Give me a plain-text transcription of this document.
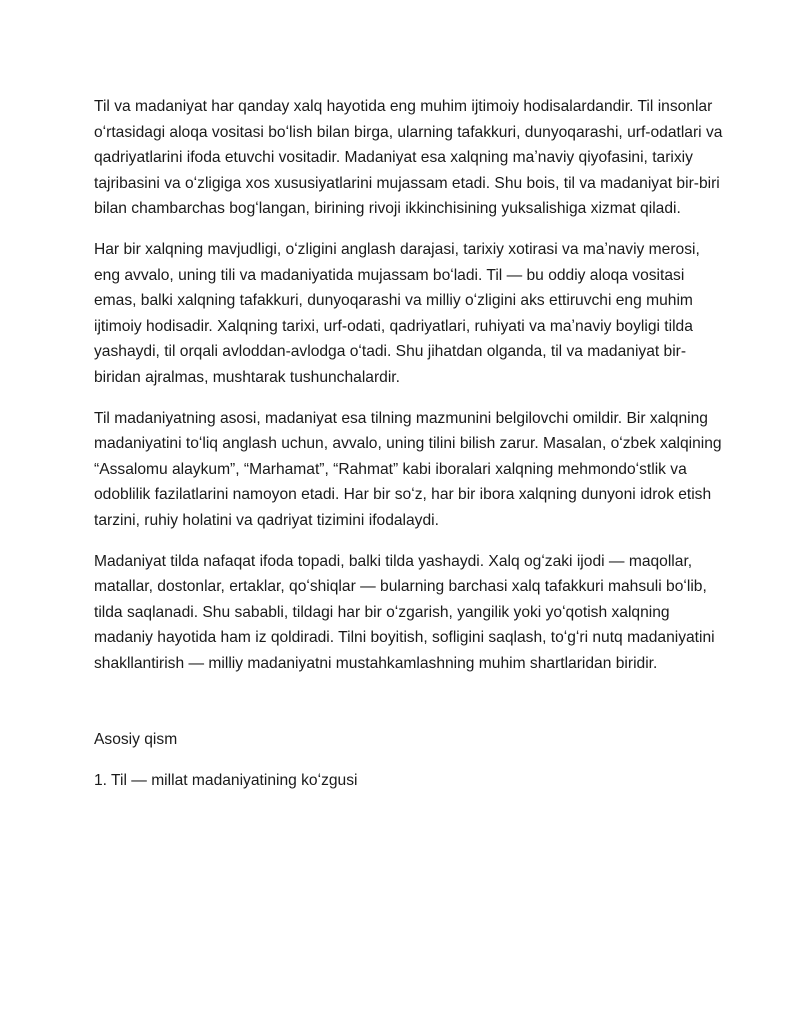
Til va madaniyat har qanday xalq hayotida eng muhim ijtimoiy hodisalardandir. Til insonlar oʻrtasidagi aloqa vositasi boʻlish bilan birga, ularning tafakkuri, dunyoqarashi, urf-odatlari va qadriyatlarini ifoda etuvchi vositadir. Madaniyat esa xalqning maʼnaviy qiyofasini, tarixiy tajribasini va oʻzligiga xos xususiyatlarini mujassam etadi. Shu bois, til va madaniyat bir-biri bilan chambarchas bogʻlangan, birining rivoji ikkinchisining yuksalishiga xizmat qiladi.

Har bir xalqning mavjudligi, oʻzligini anglash darajasi, tarixiy xotirasi va maʼnaviy merosi, eng avvalo, uning tili va madaniyatida mujassam boʻladi. Til — bu oddiy aloqa vositasi emas, balki xalqning tafakkuri, dunyoqarashi va milliy oʻzligini aks ettiruvchi eng muhim ijtimoiy hodisadir. Xalqning tarixi, urf-odati, qadriyatlari, ruhiyati va maʼnaviy boyligi tilda yashaydi, til orqali avloddan-avlodga oʻtadi. Shu jihatdan olganda, til va madaniyat bir-biridan ajralmas, mushtarak tushunchalardir.

Til madaniyatning asosi, madaniyat esa tilning mazmunini belgilovchi omildir. Bir xalqning madaniyatini toʻliq anglash uchun, avvalo, uning tilini bilish zarur. Masalan, oʻzbek xalqining “Assalomu alaykum”, “Marhamat”, “Rahmat” kabi iboralari xalqning mehmondoʻstlik va odoblilik fazilatlarini namoyon etadi. Har bir soʻz, har bir ibora xalqning dunyoni idrok etish tarzini, ruhiy holatini va qadriyat tizimini ifodalaydi.

Madaniyat tilda nafaqat ifoda topadi, balki tilda yashaydi. Xalq ogʻzaki ijodi — maqollar, matallar, dostonlar, ertaklar, qoʻshiqlar — bularning barchasi xalq tafakkuri mahsuli boʻlib, tilda saqlanadi. Shu sababli, tildagi har bir oʻzgarish, yangilik yoki yoʻqotish xalqning madaniy hayotida ham iz qoldiradi. Tilni boyitish, sofligini saqlash, toʻgʻri nutq madaniyatini shakllantirish — milliy madaniyatni mustahkamlashning muhim shartlaridan biridir.

Asosiy qism

1. Til — millat madaniyatining koʻzgusi
